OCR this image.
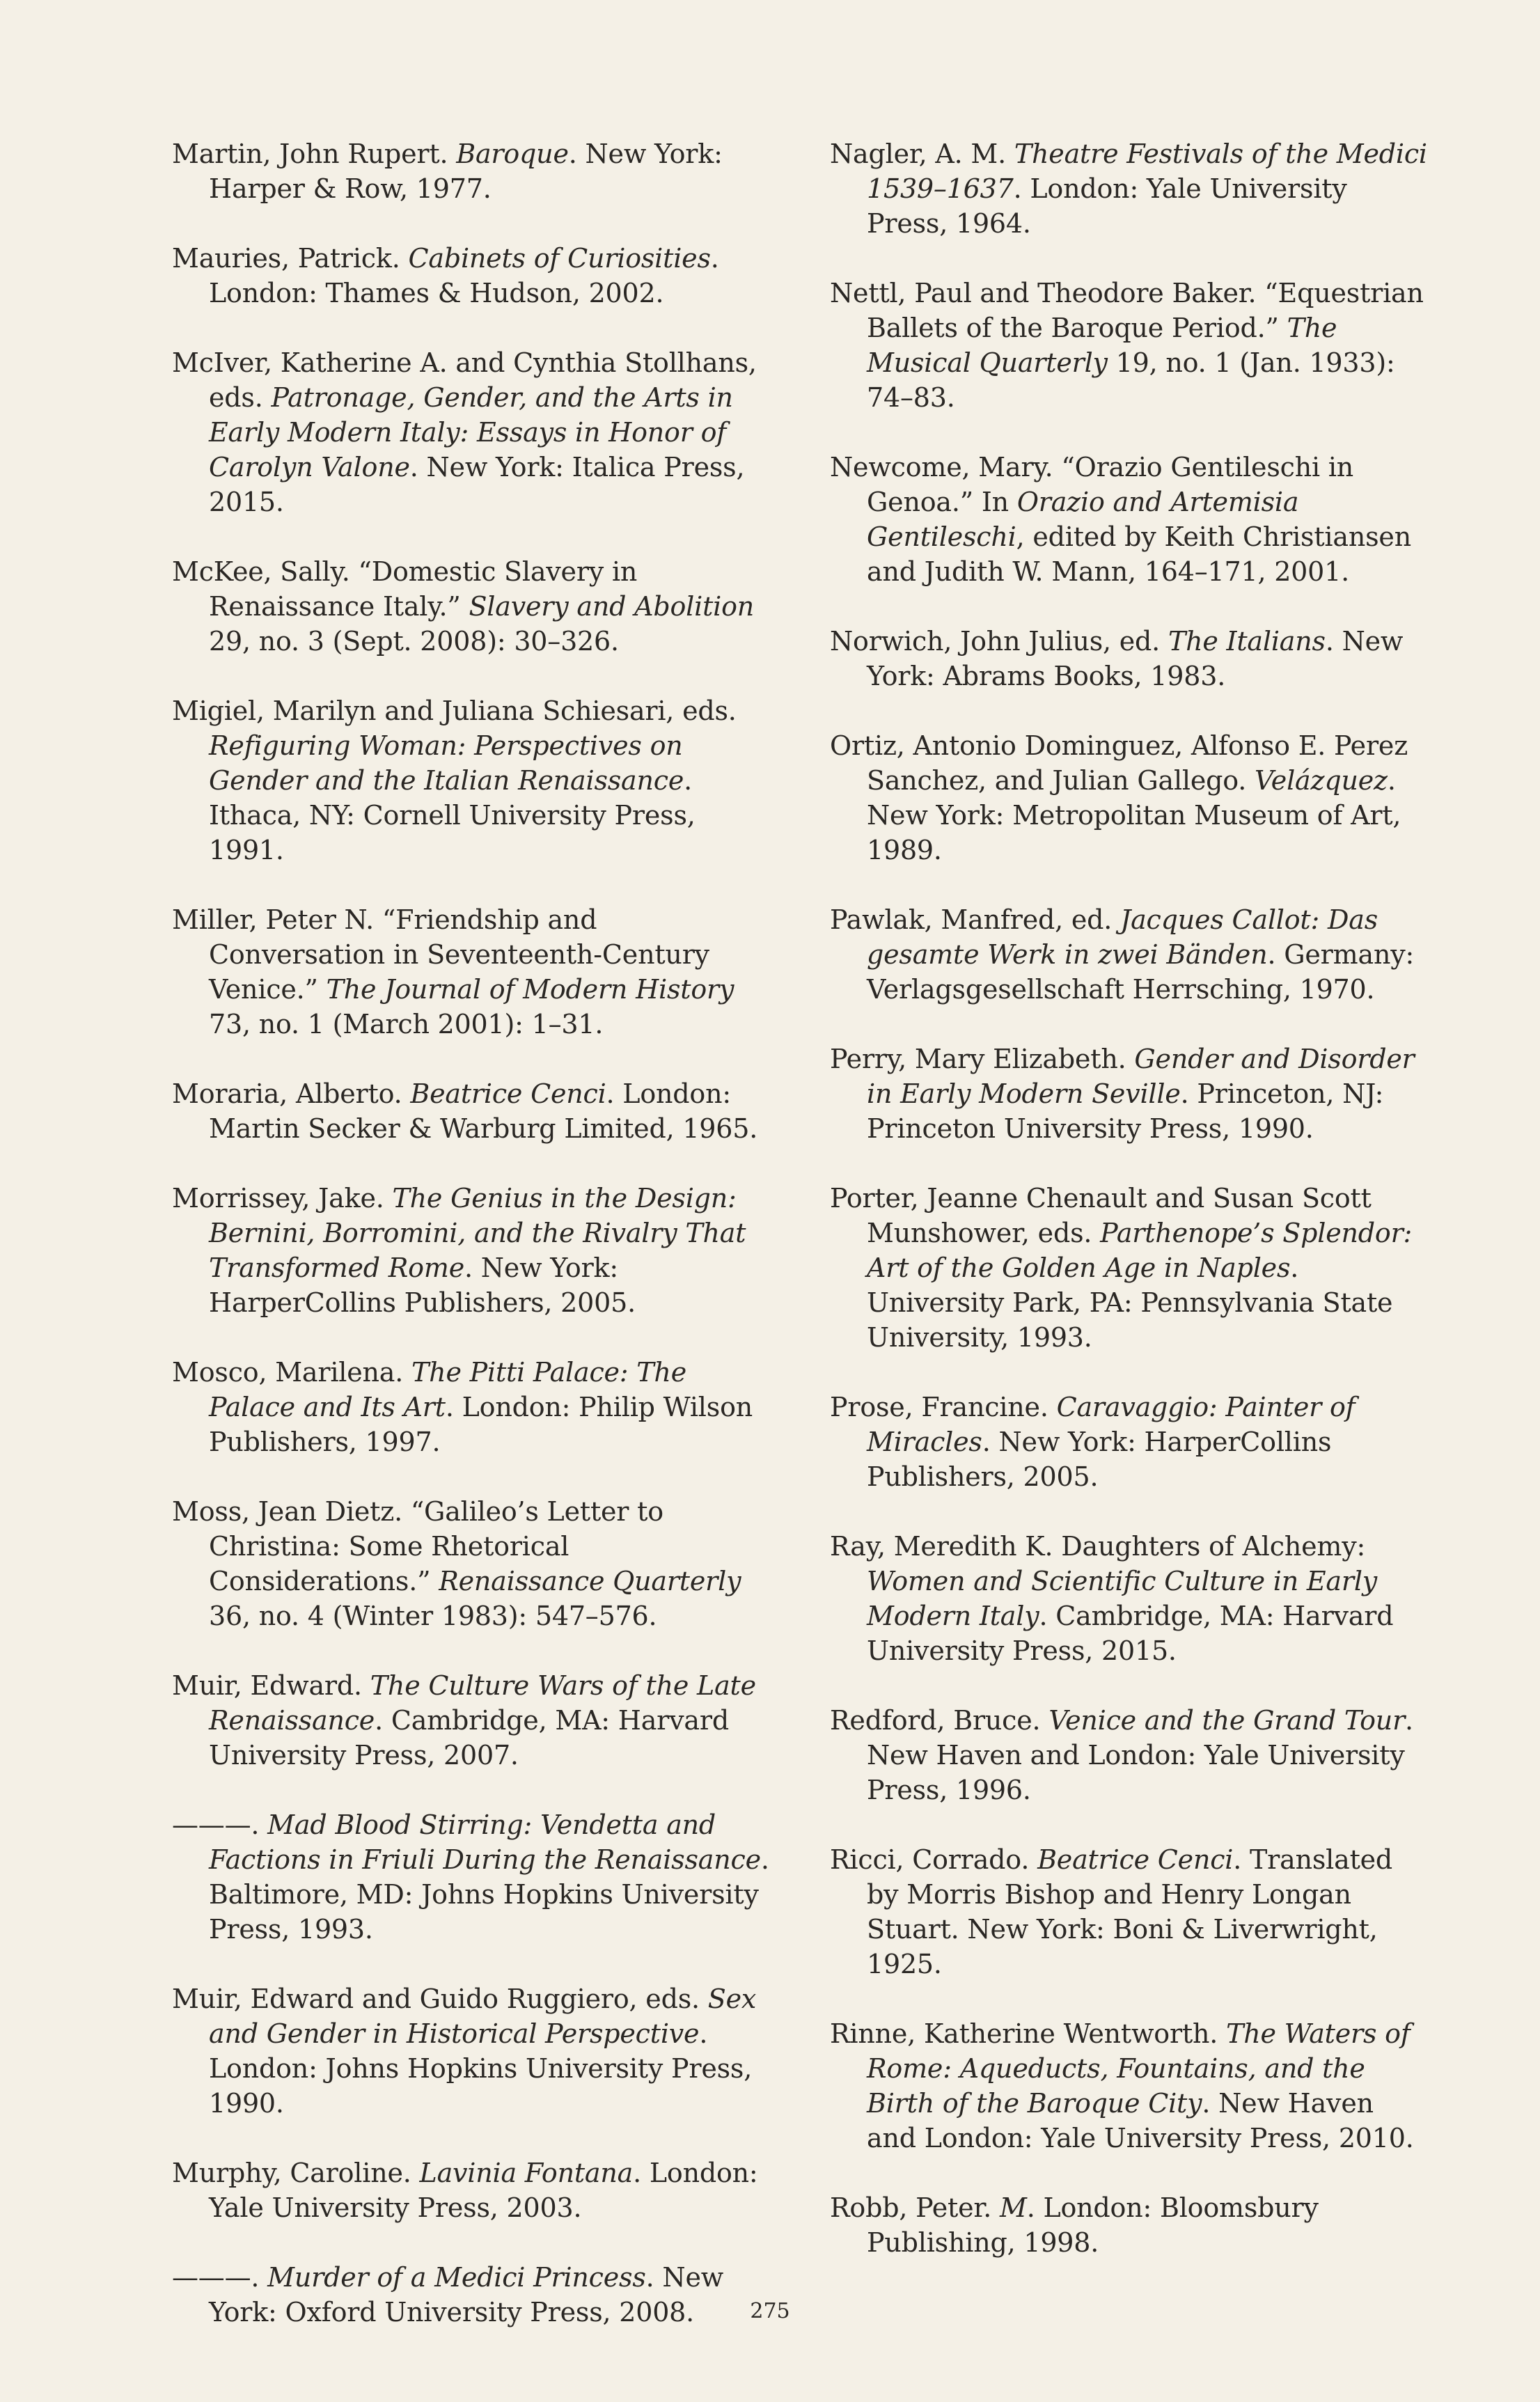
Martin, John Rupert. Baroque. New York: Harper & Row, 1977.

Mauries, Patrick. Cabinets of Curiosities. London: Thames & Hudson, 2002.

McIver, Katherine A. and Cynthia Stollhans, eds. Patronage, Gender, and the Arts in Early Modern Italy: Essays in Honor of Carolyn Valone. New York: Italica Press, 2015.

McKee, Sally. “Domestic Slavery in Renaissance Italy.” Slavery and Abolition 29, no. 3 (Sept. 2008): 30–326.

Migiel, Marilyn and Juliana Schiesari, eds. Refiguring Woman: Perspectives on Gender and the Italian Renaissance. Ithaca, NY: Cornell University Press, 1991.

Miller, Peter N. “Friendship and Conversation in Seventeenth-Century Venice.” The Journal of Modern History 73, no. 1 (March 2001): 1–31.

Moraria, Alberto. Beatrice Cenci. London: Martin Secker & Warburg Limited, 1965.

Morrissey, Jake. The Genius in the Design: Bernini, Borromini, and the Rivalry That Transformed Rome. New York: HarperCollins Publishers, 2005.

Mosco, Marilena. The Pitti Palace: The Palace and Its Art. London: Philip Wilson Publishers, 1997.

Moss, Jean Dietz. “Galileo’s Letter to Christina: Some Rhetorical Considerations.” Renaissance Quarterly 36, no. 4 (Winter 1983): 547–576.

Muir, Edward. The Culture Wars of the Late Renaissance. Cambridge, MA: Harvard University Press, 2007.

———. Mad Blood Stirring: Vendetta and Factions in Friuli During the Renaissance. Baltimore, MD: Johns Hopkins University Press, 1993.

Muir, Edward and Guido Ruggiero, eds. Sex and Gender in Historical Perspective. London: Johns Hopkins University Press, 1990.

Murphy, Caroline. Lavinia Fontana. London: Yale University Press, 2003.

———. Murder of a Medici Princess. New York: Oxford University Press, 2008.

Nagler, A. M. Theatre Festivals of the Medici 1539–1637. London: Yale University Press, 1964.

Nettl, Paul and Theodore Baker. “Equestrian Ballets of the Baroque Period.” The Musical Quarterly 19, no. 1 (Jan. 1933): 74–83.

Newcome, Mary. “Orazio Gentileschi in Genoa.” In Orazio and Artemisia Gentileschi, edited by Keith Christiansen and Judith W. Mann, 164–171, 2001.

Norwich, John Julius, ed. The Italians. New York: Abrams Books, 1983.

Ortiz, Antonio Dominguez, Alfonso E. Perez Sanchez, and Julian Gallego. Velázquez. New York: Metropolitan Museum of Art, 1989.

Pawlak, Manfred, ed. Jacques Callot: Das gesamte Werk in zwei Bänden. Germany: Verlagsgesellschaft Herrsching, 1970.

Perry, Mary Elizabeth. Gender and Disorder in Early Modern Seville. Princeton, NJ: Princeton University Press, 1990.

Porter, Jeanne Chenault and Susan Scott Munshower, eds. Parthenope’s Splendor: Art of the Golden Age in Naples. University Park, PA: Pennsylvania State University, 1993.

Prose, Francine. Caravaggio: Painter of Miracles. New York: HarperCollins Publishers, 2005.

Ray, Meredith K. Daughters of Alchemy: Women and Scientific Culture in Early Modern Italy. Cambridge, MA: Harvard University Press, 2015.

Redford, Bruce. Venice and the Grand Tour. New Haven and London: Yale University Press, 1996.

Ricci, Corrado. Beatrice Cenci. Translated by Morris Bishop and Henry Longan Stuart. New York: Boni & Liverwright, 1925.

Rinne, Katherine Wentworth. The Waters of Rome: Aqueducts, Fountains, and the Birth of the Baroque City. New Haven and London: Yale University Press, 2010.

Robb, Peter. M. London: Bloomsbury Publishing, 1998.

275
